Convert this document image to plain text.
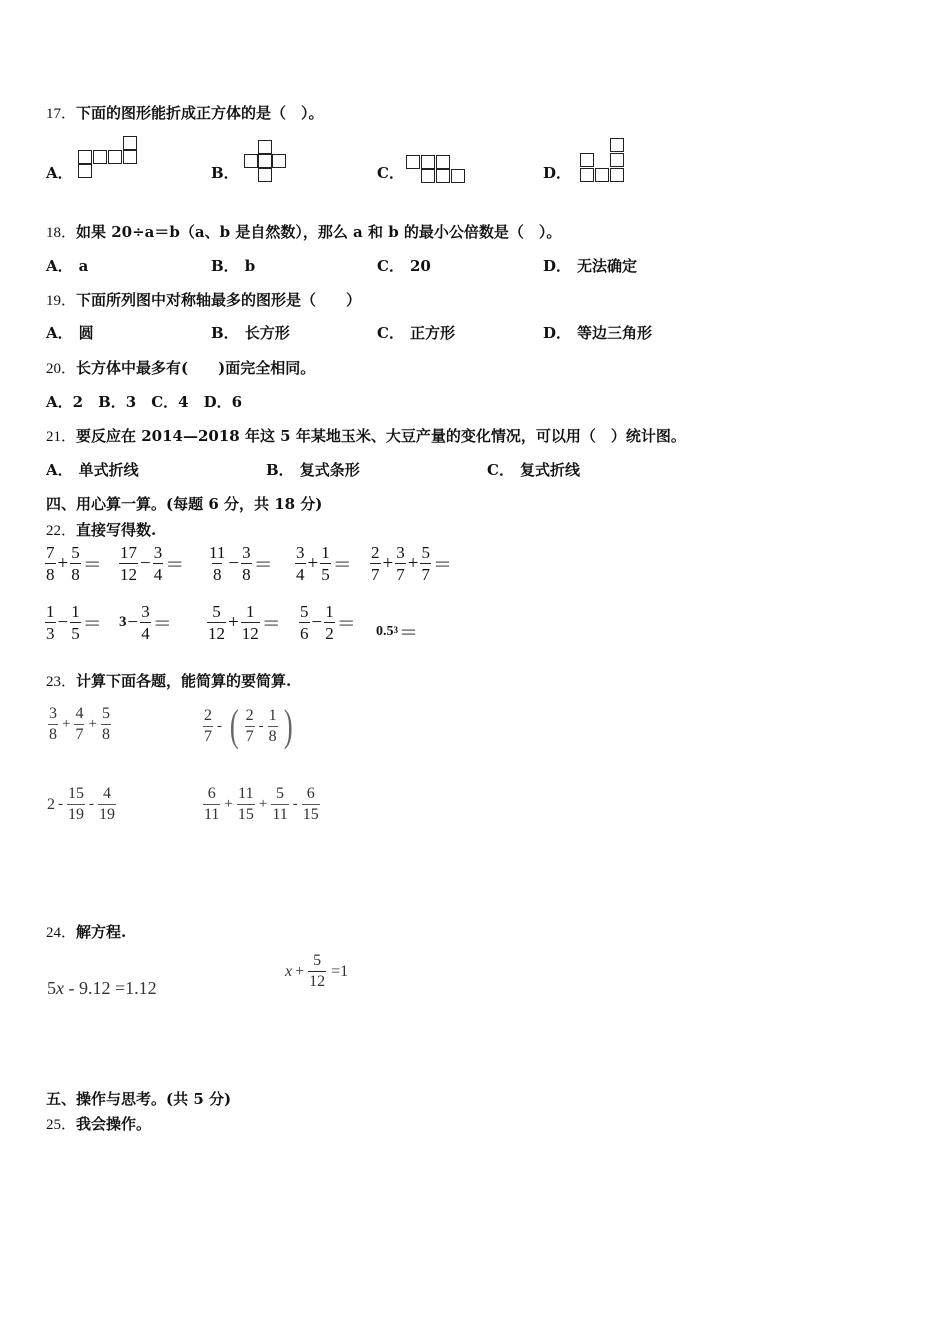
17．下面的图形能折成正方体的是（　）。
A．	B．	C．	D．
18．如果 20÷a＝b（a、b 是自然数），那么 a 和 b 的最小公倍数是（　）。
A． a	B． b	C． 20	D． 无法确定
19．下面所列图中对称轴最多的图形是（　　）
A． 圆	B． 长方形	C． 正方形	D． 等边三角形
20．长方体中最多有(　　)面完全相同。
A．2　B．3　C．4　D．6
21．要反应在 2014—2018 年这 5 年某地玉米、大豆产量的变化情况，可以用（　）统计图。
A． 单式折线	B． 复式条形	C． 复式折线
四、用心算一算。(每题 6 分，共 18 分)
22．直接写得数.
$\frac{7}{8} + \frac{5}{8} = \frac{17}{12} - \frac{3}{4} = \frac{11}{8} - \frac{3}{8} = \frac{3}{4} + \frac{1}{5} = \frac{2}{7} + \frac{3}{7} + \frac{5}{7}$ ＝
$\frac{1}{3} - \frac{1}{5} = 3 - \frac{3}{4} = \frac{5}{12} + \frac{1}{12} = \frac{5}{6} - \frac{1}{2} = 0.5^3$ ＝
23．计算下面各题，能简算的要简算.
$\frac{3}{8} + \frac{4}{7} + \frac{5}{8}$	$\frac{2}{7}$ - ( $\frac{2}{7} - \frac{1}{8}$ )
$2 - \frac{15}{19} - \frac{4}{19}$	$\frac{6}{11} + \frac{11}{15} + \frac{5}{11} - \frac{6}{15}$
24．解方程.
5 x - 9.12 =1.12
$x + \frac{5}{12} =1$
五、操作与思考。(共 5 分)
25．我会操作。
